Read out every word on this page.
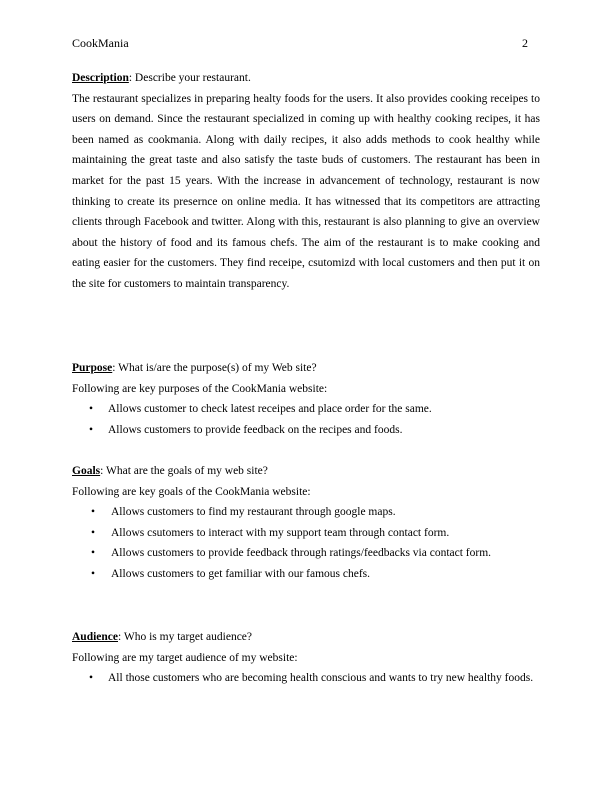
CookMania	2

Description: Describe your restaurant.

The restaurant specializes in preparing healty foods for the users. It also provides cooking receipes to users on demand. Since the restaurant specialized in coming up with healthy cooking recipes, it has been named as cookmania. Along with daily recipes, it also adds methods to cook healthy while maintaining the great taste and also satisfy the taste buds of customers. The restaurant has been in market for the past 15 years. With the increase in advancement of technology, restaurant is now thinking to create its presernce on online media. It has witnessed that its competitors are attracting clients through Facebook and twitter. Along with this, restaurant is also planning to give an overview about the history of food and its famous chefs. The aim of the restaurant is to make cooking and eating easier for the customers. They find receipe, csutomizd with local customers and then put it on the site for customers to maintain transparency.

Purpose: What is/are the purpose(s) of my Web site?

Following are key purposes of the CookMania website:

• Allows customer to check latest receipes and place order for the same.
• Allows customers to provide feedback on the recipes and foods.

Goals: What are the goals of my web site?

Following are key goals of the CookMania website:

• Allows customers to find my restaurant through google maps.
• Allows csutomers to interact with my support team through contact form.
• Allows customers to provide feedback through ratings/feedbacks via contact form.
• Allows customers to get familiar with our famous chefs.

Audience: Who is my target audience?

Following are my target audience of my website:

• All those customers who are becoming health conscious and wants to try new healthy foods.
